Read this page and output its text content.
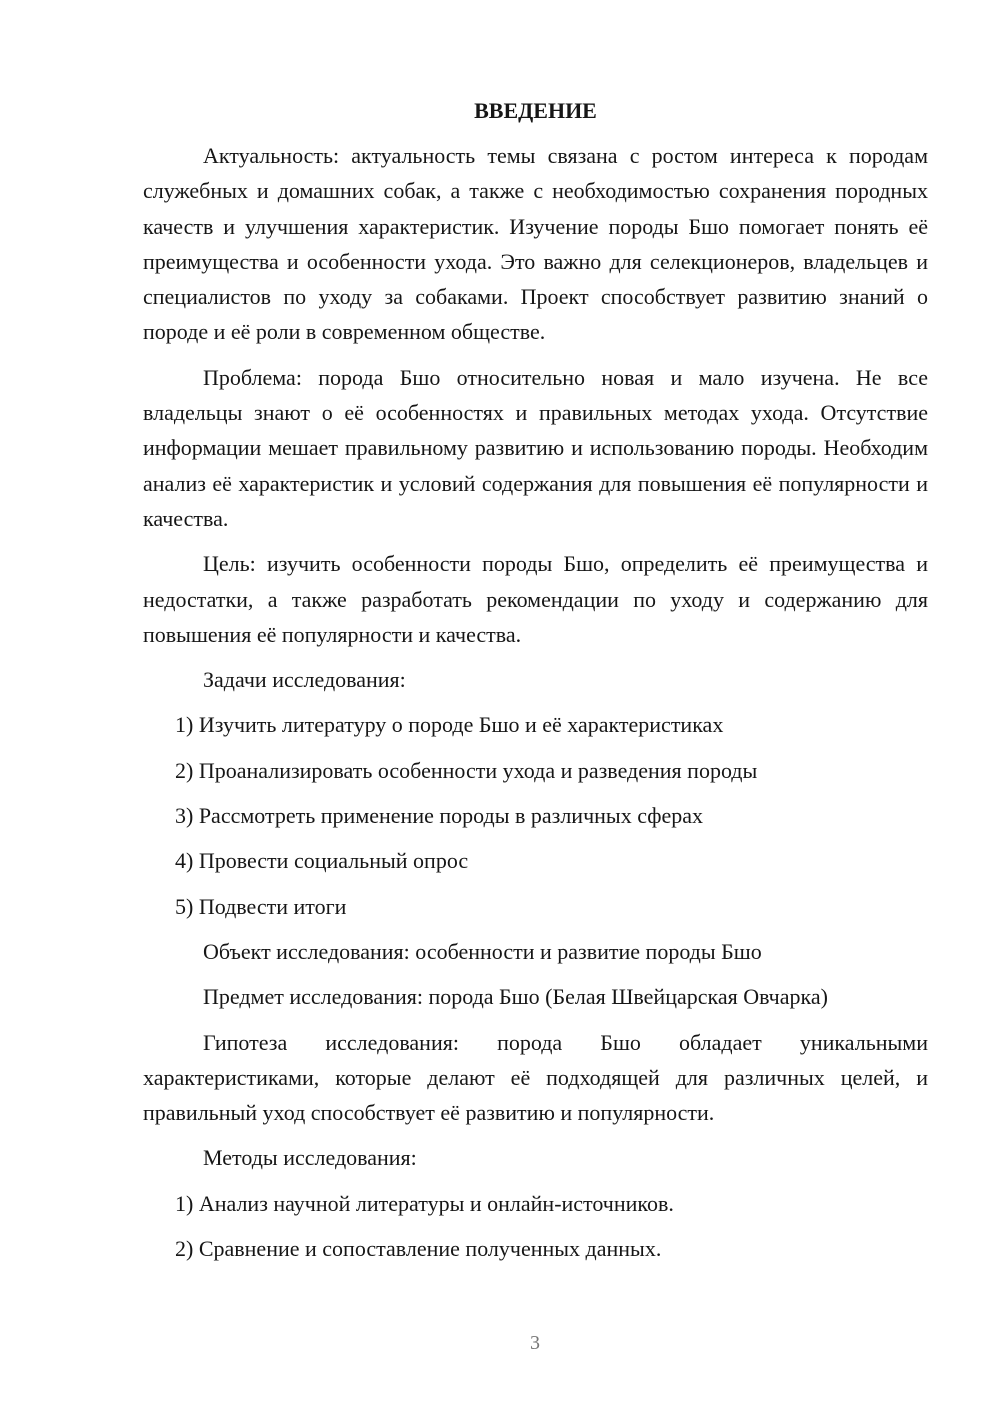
ВВЕДЕНИЕ

Актуальность: актуальность темы связана с ростом интереса к породам служебных и домашних собак, а также с необходимостью сохранения породных качеств и улучшения характеристик. Изучение породы Бшо помогает понять её преимущества и особенности ухода. Это важно для селекционеров, владельцев и специалистов по уходу за собаками. Проект способствует развитию знаний о породе и её роли в современном обществе.

Проблема: порода Бшо относительно новая и мало изучена. Не все владельцы знают о её особенностях и правильных методах ухода. Отсутствие информации мешает правильному развитию и использованию породы. Необходим анализ её характеристик и условий содержания для повышения её популярности и качества.

Цель: изучить особенности породы Бшо, определить её преимущества и недостатки, а также разработать рекомендации по уходу и содержанию для повышения её популярности и качества.

Задачи исследования:

1) Изучить литературу о породе Бшо и её характеристиках
2) Проанализировать особенности ухода и разведения породы
3) Рассмотреть применение породы в различных сферах
4) Провести социальный опрос
5) Подвести итоги

Объект исследования: особенности и развитие породы Бшо

Предмет исследования: порода Бшо (Белая Швейцарская Овчарка)

Гипотеза исследования: порода Бшо обладает уникальными характеристиками, которые делают её подходящей для различных целей, и правильный уход способствует её развитию и популярности.

Методы исследования:

1) Анализ научной литературы и онлайн-источников.
2) Сравнение и сопоставление полученных данных.
3
